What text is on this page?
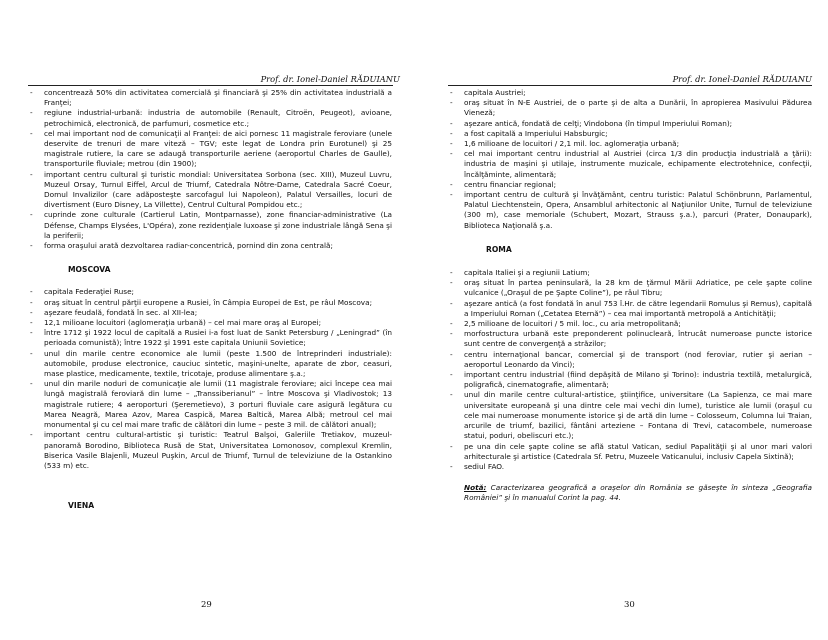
Prof. dr. Ionel-Daniel RĂDUIANU
- concentrează 50% din activitatea comercială şi financiară şi 25% din activitatea industrială a Franţei;
- regiune industrial-urbană: industria de automobile (Renault, Citroën, Peugeot), avioane, petrochimică, electronică, de parfumuri, cosmetice etc.;
- cel mai important nod de comunicaţii al Franţei: de aici pornesc 11 magistrale feroviare (unele deservite de trenuri de mare viteză – TGV; este legat de Londra prin Eurotunel) şi 25 magistrale rutiere, la care se adaugă transporturile aeriene (aeroportul Charles de Gaulle), transporturile fluviale; metrou (din 1900);
- important centru cultural şi turistic mondial: Universitatea Sorbona (sec. XIII), Muzeul Luvru, Muzeul Orsay, Turnul Eiffel, Arcul de Triumf, Catedrala Nôtre-Dame, Catedrala Sacré Coeur, Domul Invalizilor (care adăposteşte sarcofagul lui Napoleon), Palatul Versailles, locuri de divertisment (Euro Disney, La Villette), Centrul Cultural Pompidou etc.;
- cuprinde zone culturale (Cartierul Latin, Montparnasse), zone financiar-administrative (La Défense, Champs Elysées, L'Opéra), zone rezidenţiale luxoase şi zone industriale lângă Sena şi la periferii;
- forma oraşului arată dezvoltarea radiar-concentrică, pornind din zona centrală;
MOSCOVA
- capitala Federaţiei Ruse;
- oraş situat în centrul părţii europene a Rusiei, în Câmpia Europei de Est, pe râul Moscova;
- aşezare feudală, fondată în sec. al XII-lea;
- 12,1 milioane locuitori (aglomeraţia urbană) – cel mai mare oraş al Europei;
- între 1712 şi 1922 locul de capitală a Rusiei i-a fost luat de Sankt Petersburg / „Leningrad” (în perioada comunistă); între 1922 şi 1991 este capitala Uniunii Sovietice;
- unul din marile centre economice ale lumii (peste 1.500 de întreprinderi industriale): automobile, produse electronice, cauciuc sintetic, maşini-unelte, aparate de zbor, ceasuri, mase plastice, medicamente, textile, tricotaje, produse alimentare ş.a.;
- unul din marile noduri de comunicaţie ale lumii (11 magistrale feroviare; aici începe cea mai lungă magistrală feroviară din lume – „Transsiberianul” – între Moscova şi Vladivostok; 13 magistrale rutiere; 4 aeroporturi (Şeremetievo), 3 porturi fluviale care asigură legătura cu Marea Neagră, Marea Azov, Marea Caspică, Marea Baltică, Marea Albă; metroul cel mai monumental şi cu cel mai mare trafic de călători din lume – peste 3 mil. de călători anual);
- important centru cultural-artistic şi turistic: Teatrul Balşoi, Galeriile Tretiakov, muzeul-panoramă Borodino, Biblioteca Rusă de Stat, Universitatea Lomonosov, complexul Kremlin, Biserica Vasile Blajenîi, Muzeul Puşkin, Arcul de Triumf, Turnul de televiziune de la Ostankino (533 m) etc.
VIENA
29
Prof. dr. Ionel-Daniel RĂDUIANU
- capitala Austriei;
- oraş situat în N-E Austriei, de o parte şi de alta a Dunării, în apropierea Masivului Pădurea Vieneză;
- aşezare antică, fondată de celţi; Vindobona (în timpul Imperiului Roman);
- a fost capitală a Imperiului Habsburgic;
- 1,6 milioane de locuitori / 2,1 mil. loc. aglomeraţia urbană;
- cel mai important centru industrial al Austriei (circa 1/3 din producţia industrială a ţării): industria de maşini şi utilaje, instrumente muzicale, echipamente electrotehnice, confecţii, încălţăminte, alimentară;
- centru financiar regional;
- important centru de cultură şi învăţământ, centru turistic: Palatul Schönbrunn, Parlamentul, Palatul Liechtenstein, Opera, Ansamblul arhitectonic al Naţiunilor Unite, Turnul de televiziune (300 m), case memoriale (Schubert, Mozart, Strauss ş.a.), parcuri (Prater, Donaupark), Biblioteca Naţională ş.a.
ROMA
- capitala Italiei şi a regiunii Latium;
- oraş situat în partea peninsulară, la 28 km de ţărmul Mării Adriatice, pe cele şapte coline vulcanice („Oraşul de pe Şapte Coline”), pe râul Tibru;
- aşezare antică (a fost fondată în anul 753 î.Hr. de către legendarii Romulus şi Remus), capitală a Imperiului Roman („Cetatea Eternă”) – cea mai importantă metropolă a Antichităţii;
- 2,5 milioane de locuitori / 5 mil. loc., cu aria metropolitană;
- morfostructura urbană este preponderent polinucleară, întrucât numeroase puncte istorice sunt centre de convergenţă a străzilor;
- centru internaţional bancar, comercial şi de transport (nod feroviar, rutier şi aerian – aeroportul Leonardo da Vinci);
- important centru industrial (fiind depăşită de Milano şi Torino): industria textilă, metalurgică, poligrafică, cinematografie, alimentară;
- unul din marile centre cultural-artistice, ştiinţifice, universitare (La Sapienza, ce mai mare universitate europeană şi una dintre cele mai vechi din lume), turistice ale lumii (oraşul cu cele mai numeroase monumente istorice şi de artă din lume – Colosseum, Columna lui Traian, arcurile de triumf, bazilici, fântâni arteziene – Fontana di Trevi, catacombele, numeroase statui, poduri, obeliscuri etc.);
- pe una din cele şapte coline se află statul Vatican, sediul Papalităţii şi al unor mari valori arhitecturale şi artistice (Catedrala Sf. Petru, Muzeele Vaticanului, inclusiv Capela Sixtină);
- sediul FAO.
Notă: Caracterizarea geografică a oraşelor din România se găseşte în sinteza „Geografia României” şi în manualul Corint la pag. 44.
30
